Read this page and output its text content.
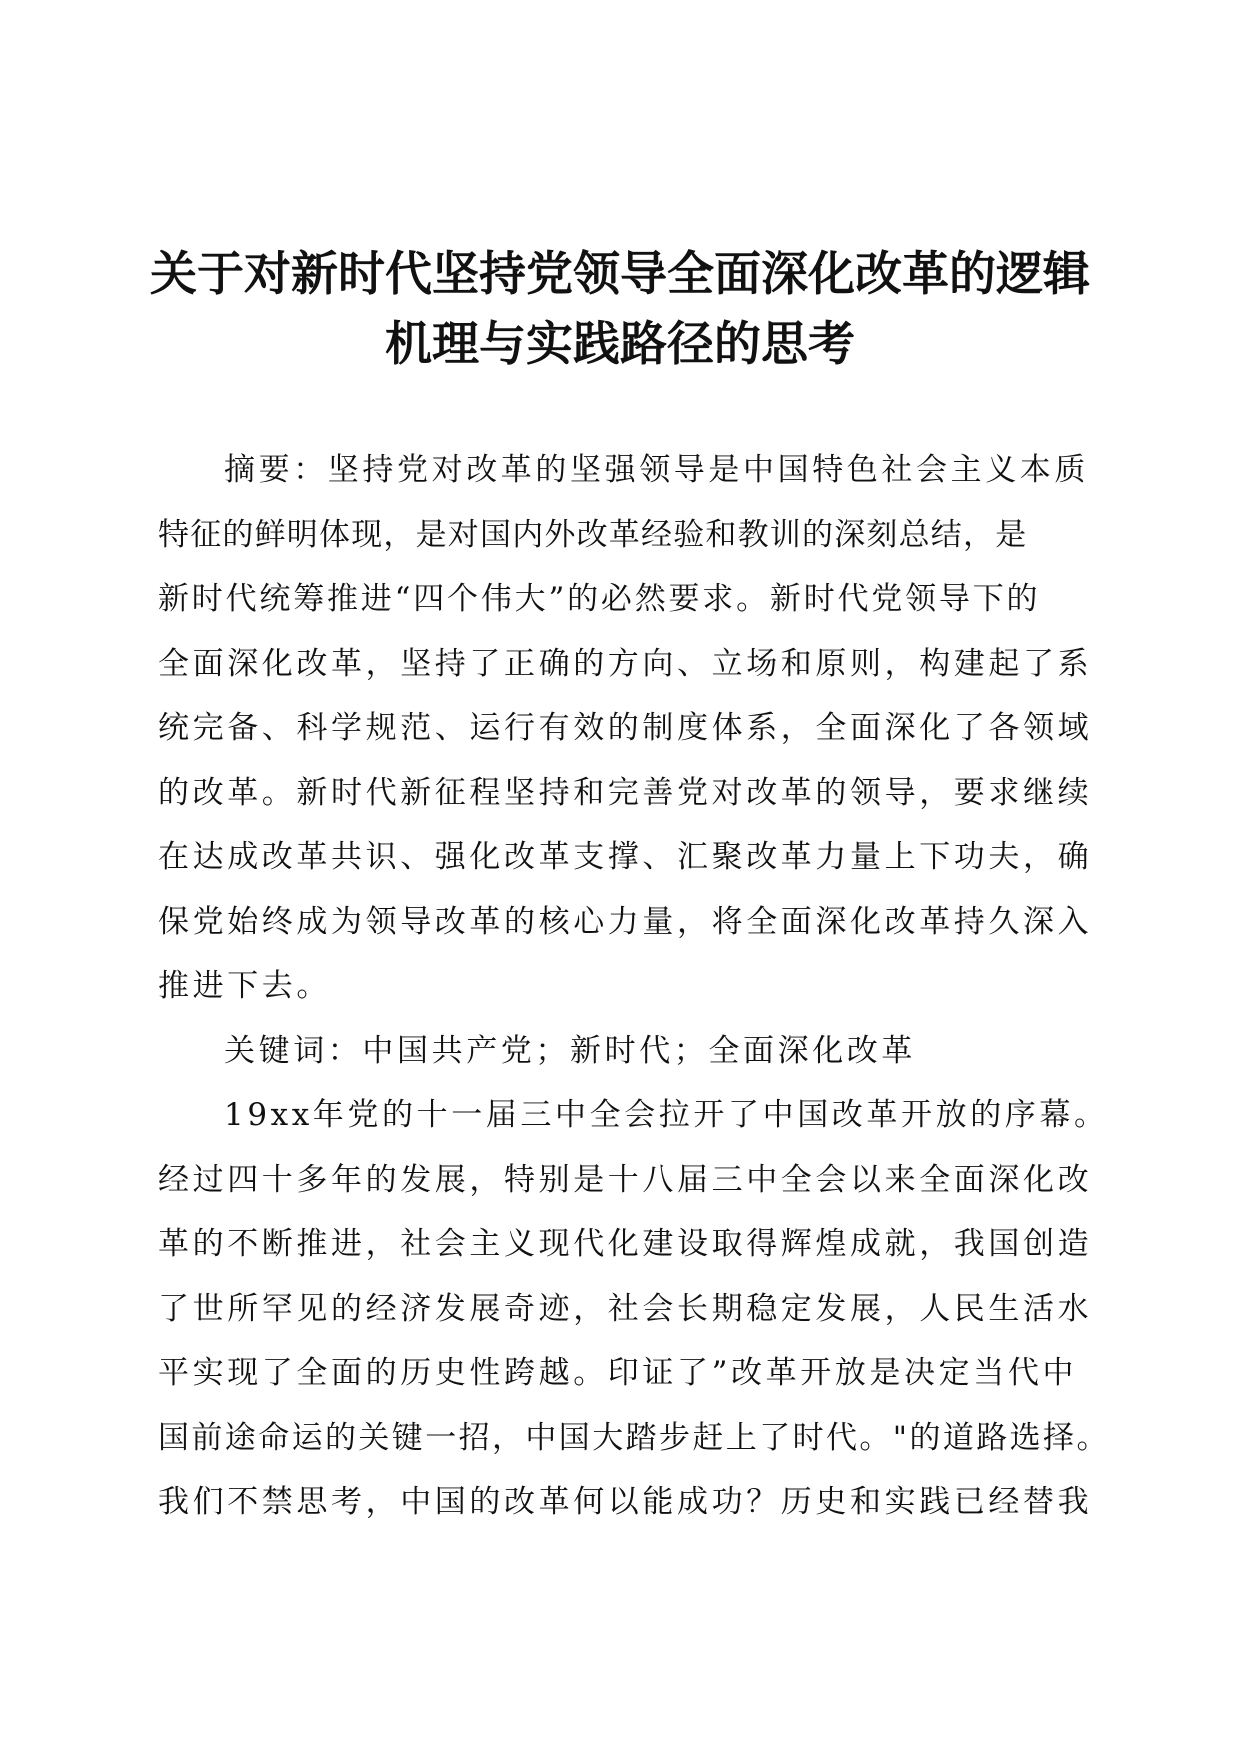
关于对新时代坚持党领导全面深化改革的逻辑
机理与实践路径的思考
摘要：坚持党对改革的坚强领导是中国特色社会主义本质
特征的鲜明体现，是对国内外改革经验和教训的深刻总结，是
新时代统筹推进“四个伟大”的必然要求。新时代党领导下的
全面深化改革，坚持了正确的方向、立场和原则，构建起了系
统完备、科学规范、运行有效的制度体系，全面深化了各领域
的改革。新时代新征程坚持和完善党对改革的领导，要求继续
在达成改革共识、强化改革支撑、汇聚改革力量上下功夫，确
保党始终成为领导改革的核心力量，将全面深化改革持久深入
推进下去。
关键词：中国共产党；新时代；全面深化改革
19xx年党的十一届三中全会拉开了中国改革开放的序幕。
经过四十多年的发展，特别是十八届三中全会以来全面深化改
革的不断推进，社会主义现代化建设取得辉煌成就，我国创造
了世所罕见的经济发展奇迹，社会长期稳定发展，人民生活水
平实现了全面的历史性跨越。印证了”改革开放是决定当代中
国前途命运的关键一招，中国大踏步赶上了时代。"的道路选择。
我们不禁思考，中国的改革何以能成功？历史和实践已经替我
